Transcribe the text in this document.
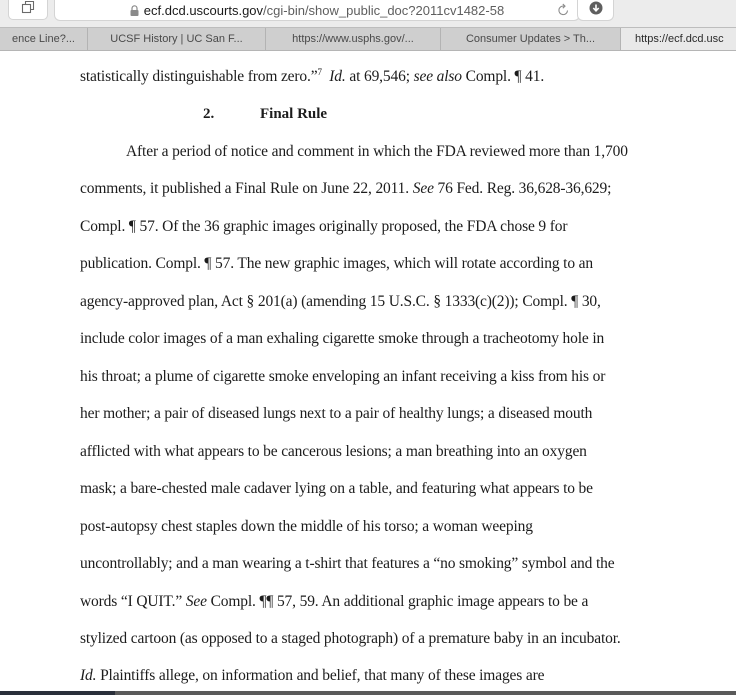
ecf.dcd.uscourts.gov /cgi-bin/show_public_doc?2011cv1482-58
ence Line?...	UCSF History | UC San F...	https://www.usphs.gov/...	Consumer Updates > Th...	https://ecf.dcd.usc
statistically distinguishable from zero.”$^7$ Id. at 69,546; see also Compl. ¶ 41.
2.	Final Rule
After a period of notice and comment in which the FDA reviewed more than 1,700
comments, it published a Final Rule on June 22, 2011. See 76 Fed. Reg. 36,628-36,629;
Compl. ¶ 57. Of the 36 graphic images originally proposed, the FDA chose 9 for
publication. Compl. ¶ 57. The new graphic images, which will rotate according to an
agency-approved plan, Act § 201(a) (amending 15 U.S.C. § 1333(c)(2)); Compl. ¶ 30,
include color images of a man exhaling cigarette smoke through a tracheotomy hole in
his throat; a plume of cigarette smoke enveloping an infant receiving a kiss from his or
her mother; a pair of diseased lungs next to a pair of healthy lungs; a diseased mouth
afflicted with what appears to be cancerous lesions; a man breathing into an oxygen
mask; a bare-chested male cadaver lying on a table, and featuring what appears to be
post-autopsy chest staples down the middle of his torso; a woman weeping
uncontrollably; and a man wearing a t-shirt that features a “no smoking” symbol and the
words “I QUIT.” See Compl. ¶¶ 57, 59. An additional graphic image appears to be a
stylized cartoon (as opposed to a staged photograph) of a premature baby in an incubator.
Id. Plaintiffs allege, on information and belief, that many of these images are
